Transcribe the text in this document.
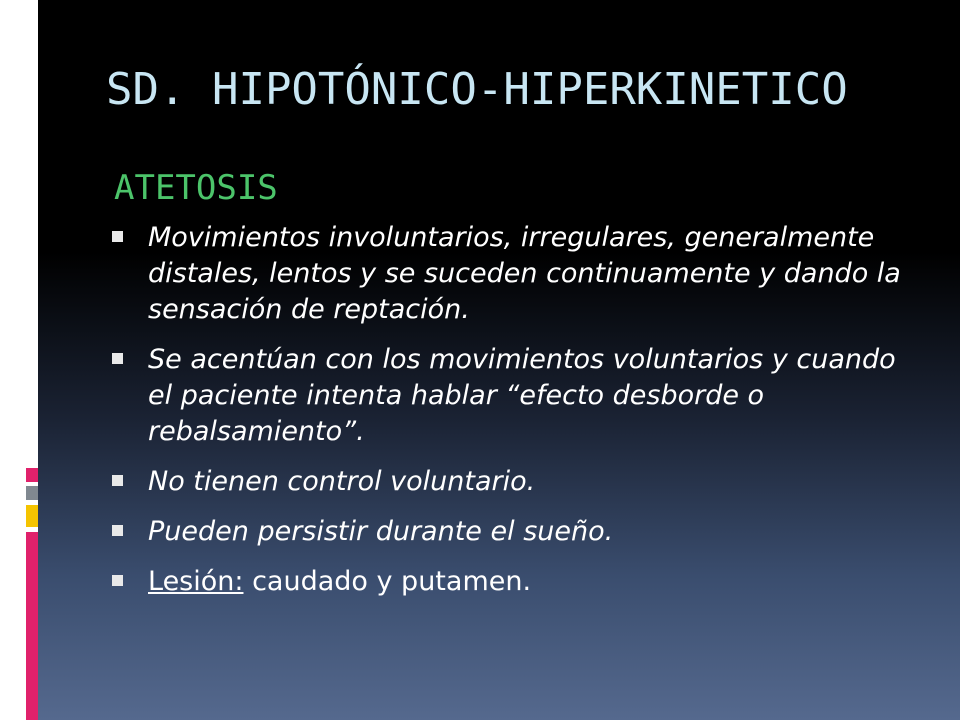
SD. HIPOTÓNICO-HIPERKINETICO
ATETOSIS
Movimientos involuntarios, irregulares, generalmente distales, lentos y se suceden continuamente y dando la sensación de reptación.
Se acentúan con los movimientos voluntarios y cuando el paciente intenta hablar “efecto desborde o rebalsamiento”.
No tienen control voluntario.
Pueden persistir durante el sueño.
Lesión: caudado y putamen.
